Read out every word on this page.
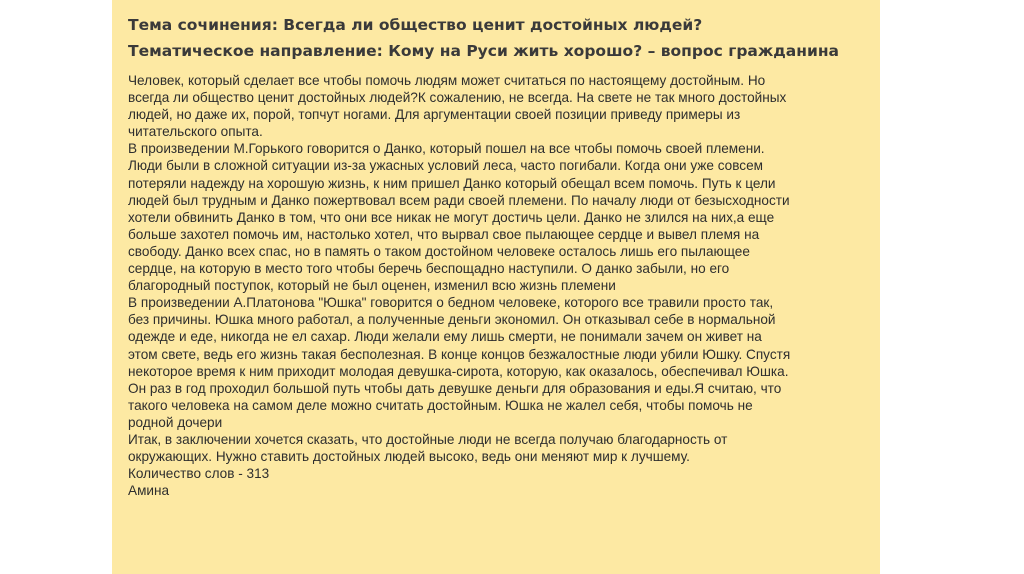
Тема сочинения: Всегда ли общество ценит достойных людей?
Тематическое направление: Кому на Руси жить хорошо? – вопрос гражданина
Человек, который сделает все чтобы помочь людям может считаться по настоящему достойным. Но
всегда ли общество ценит достойных людей?К сожалению, не всегда. На свете не так много достойных
людей, но даже их, порой, топчут ногами. Для аргументации своей позиции приведу примеры из
читательского опыта.
В произведении М.Горького говорится о Данко, который пошел на все чтобы помочь своей племени.
Люди были в сложной ситуации из-за ужасных условий леса, часто погибали. Когда они уже совсем
потеряли надежду на хорошую жизнь, к ним пришел Данко который обещал всем помочь. Путь к цели
людей был трудным и Данко пожертвовал всем ради своей племени. По началу люди от безысходности
хотели обвинить Данко в том, что они все никак не могут достичь цели. Данко не злился на них,а еще
больше захотел помочь им, настолько хотел, что вырвал свое пылающее сердце и вывел племя на
свободу. Данко всех спас, но в память о таком достойном человеке осталось лишь его пылающее
сердце, на которую в место того чтобы беречь беспощадно наступили. О данко забыли, но его
благородный поступок, который не был оценен, изменил всю жизнь племени
В произведении А.Платонова "Юшка" говорится о бедном человеке, которого все травили просто так,
без причины. Юшка много работал, а полученные деньги экономил. Он отказывал себе в нормальной
одежде и еде, никогда не ел сахар. Люди желали ему лишь смерти, не понимали зачем он живет на
этом свете, ведь его жизнь такая бесполезная. В конце концов безжалостные люди убили Юшку. Спустя
некоторое время к ним приходит молодая девушка-сирота, которую, как оказалось, обеспечивал Юшка.
Он раз в год проходил большой путь чтобы дать девушке деньги для образования и еды.Я считаю, что
такого человека на самом деле можно считать достойным. Юшка не жалел себя, чтобы помочь не
родной дочери
Итак, в заключении хочется сказать, что достойные люди не всегда получаю благодарность от
окружающих. Нужно ставить достойных людей высоко, ведь они меняют мир к лучшему.
Количество слов - 313
Амина
